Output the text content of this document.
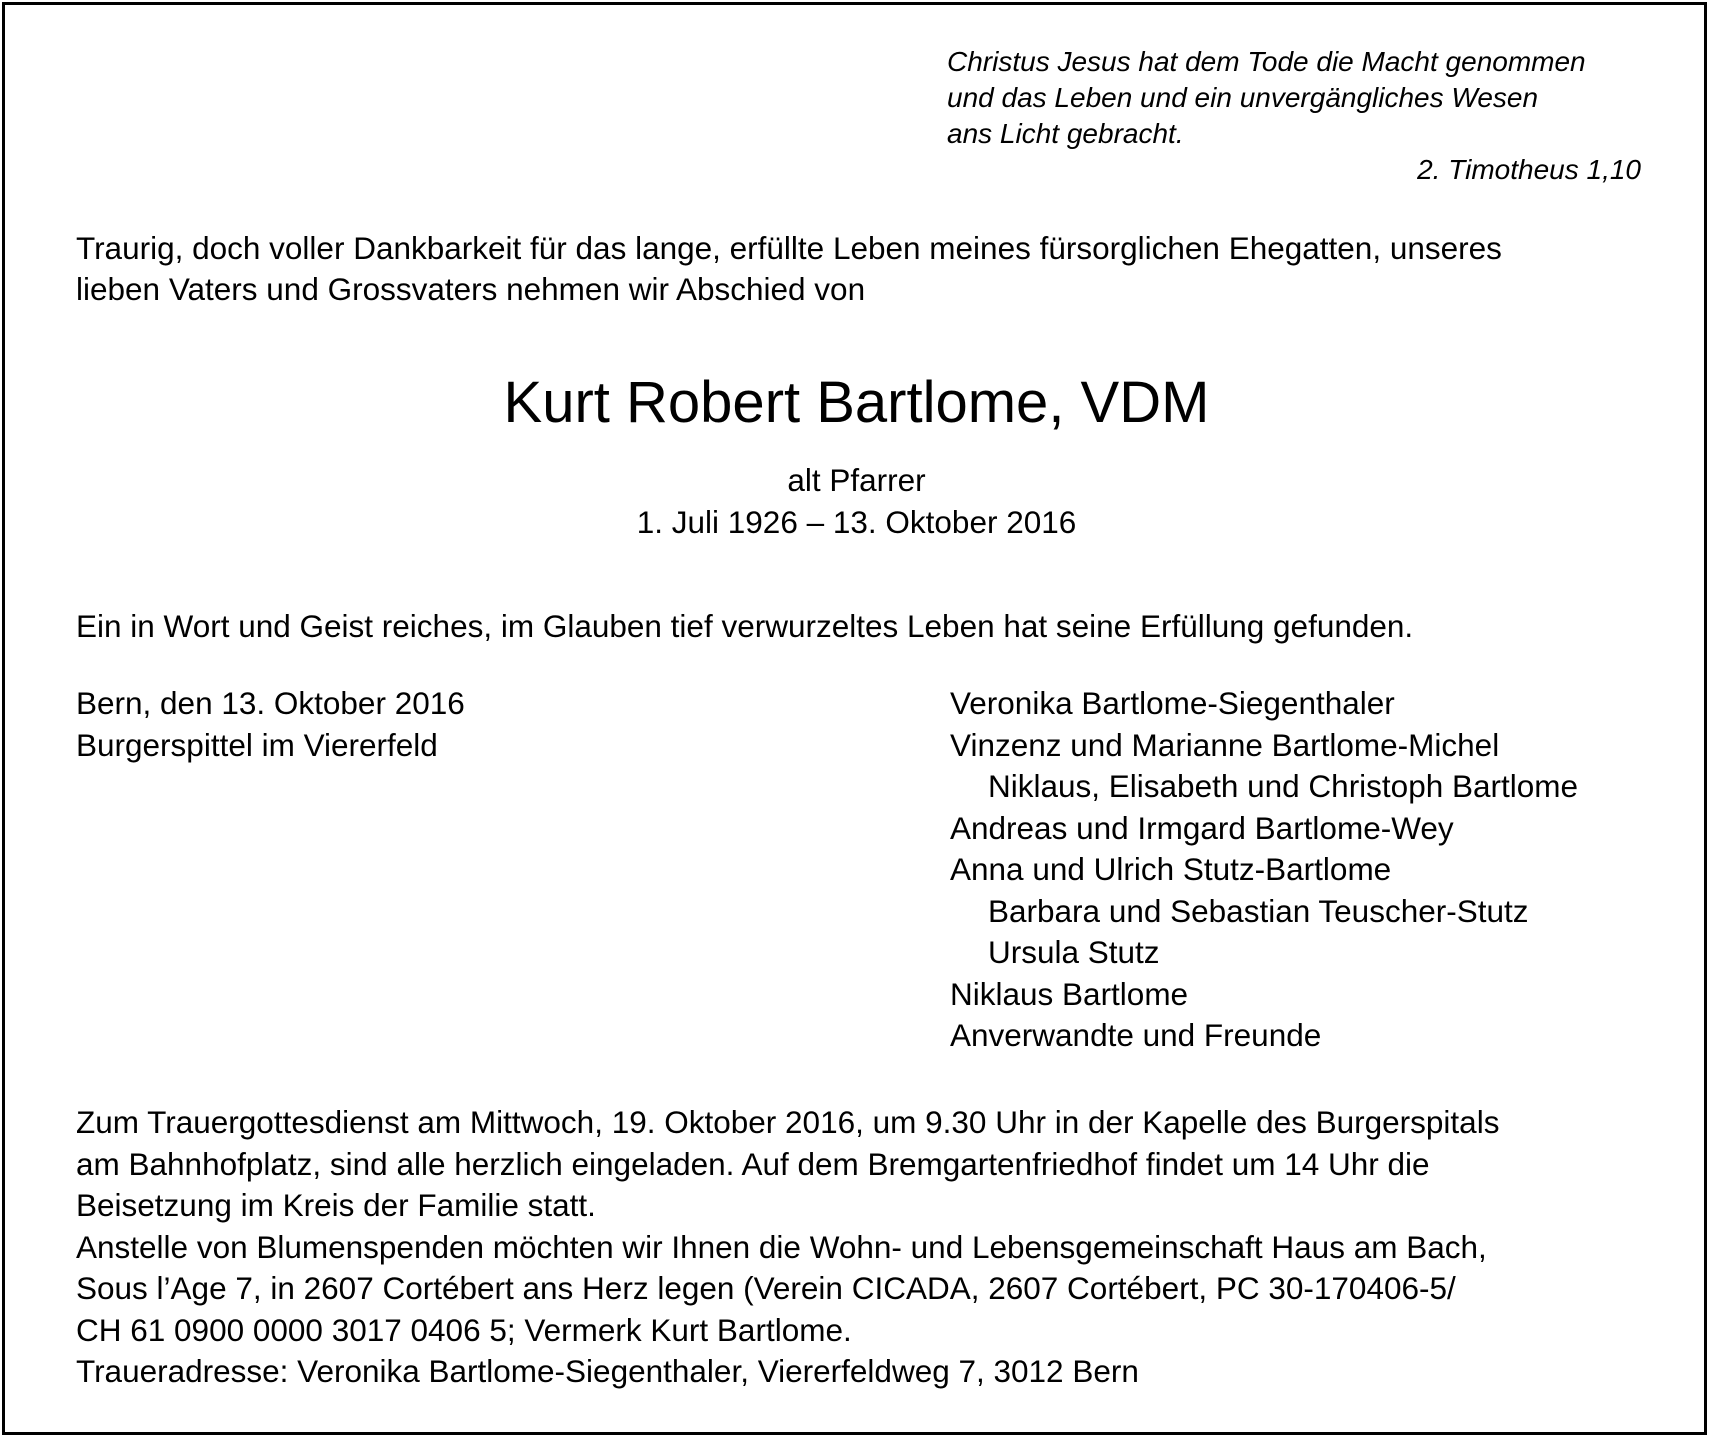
Christus Jesus hat dem Tode die Macht genommen
und das Leben und ein unvergängliches Wesen
ans Licht gebracht.
2. Timotheus 1,10
Traurig, doch voller Dankbarkeit für das lange, erfüllte Leben meines fürsorglichen Ehegatten, unseres
lieben Vaters und Grossvaters nehmen wir Abschied von
Kurt Robert Bartlome, VDM
alt Pfarrer
1. Juli 1926 – 13. Oktober 2016
Ein in Wort und Geist reiches, im Glauben tief verwurzeltes Leben hat seine Erfüllung gefunden.
Bern, den 13. Oktober 2016
Burgerspittel im Viererfeld
Veronika Bartlome-Siegenthaler
Vinzenz und Marianne Bartlome-Michel
Niklaus, Elisabeth und Christoph Bartlome
Andreas und Irmgard Bartlome-Wey
Anna und Ulrich Stutz-Bartlome
Barbara und Sebastian Teuscher-Stutz
Ursula Stutz
Niklaus Bartlome
Anverwandte und Freunde
Zum Trauergottesdienst am Mittwoch, 19. Oktober 2016, um 9.30 Uhr in der Kapelle des Burgerspitals
am Bahnhofplatz, sind alle herzlich eingeladen. Auf dem Bremgartenfriedhof findet um 14 Uhr die
Beisetzung im Kreis der Familie statt.
Anstelle von Blumenspenden möchten wir Ihnen die Wohn- und Lebensgemeinschaft Haus am Bach,
Sous l’Age 7, in 2607 Cortébert ans Herz legen (Verein CICADA, 2607 Cortébert, PC 30-170406-5/
CH 61 0900 0000 3017 0406 5; Vermerk Kurt Bartlome.
Traueradresse: Veronika Bartlome-Siegenthaler, Viererfeldweg 7, 3012 Bern
